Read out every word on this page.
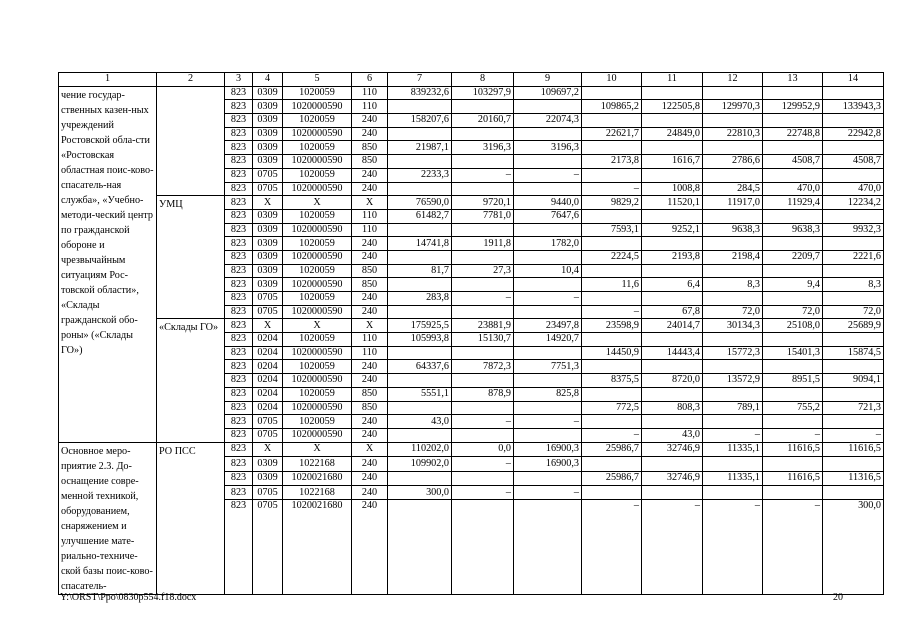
1	2	3	4	5	6	7	8	9	10	11	12	13	14
чение государ-ственных казен-ных учреждений Ростовской обла-сти «Ростовская областная поис-ково-спасатель-ная служба», «Учебно-методи-ческий центр по гражданской обороне и чрезвычайным ситуациям Рос-товской области», «Склады гражданской обо-роны» («Склады ГО»)		823	0309	1020059	110	839232,6	103297,9	109697,2					
		823	0309	1020000590	110				109865,2	122505,8	129970,3	129952,9	133943,3
		823	0309	1020059	240	158207,6	20160,7	22074,3					
		823	0309	1020000590	240				22621,7	24849,0	22810,3	22748,8	22942,8
		823	0309	1020059	850	21987,1	3196,3	3196,3					
		823	0309	1020000590	850				2173,8	1616,7	2786,6	4508,7	4508,7
		823	0705	1020059	240	2233,3	–	–					
		823	0705	1020000590	240				–	1008,8	284,5	470,0	470,0
	УМЦ	823	X	X	X	76590,0	9720,1	9440,0	9829,2	11520,1	11917,0	11929,4	12234,2
		823	0309	1020059	110	61482,7	7781,0	7647,6					
		823	0309	1020000590	110				7593,1	9252,1	9638,3	9638,3	9932,3
		823	0309	1020059	240	14741,8	1911,8	1782,0					
		823	0309	1020000590	240				2224,5	2193,8	2198,4	2209,7	2221,6
		823	0309	1020059	850	81,7	27,3	10,4					
		823	0309	1020000590	850				11,6	6,4	8,3	9,4	8,3
		823	0705	1020059	240	283,8	–	–					
		823	0705	1020000590	240				–	67,8	72,0	72,0	72,0
	«Склады ГО»	823	X	X	X	175925,5	23881,9	23497,8	23598,9	24014,7	30134,3	25108,0	25689,9
		823	0204	1020059	110	105993,8	15130,7	14920,7					
		823	0204	1020000590	110				14450,9	14443,4	15772,3	15401,3	15874,5
		823	0204	1020059	240	64337,6	7872,3	7751,3					
		823	0204	1020000590	240				8375,5	8720,0	13572,9	8951,5	9094,1
		823	0204	1020059	850	5551,1	878,9	825,8					
		823	0204	1020000590	850				772,5	808,3	789,1	755,2	721,3
		823	0705	1020059	240	43,0	–	–					
		823	0705	1020000590	240				–	43,0	–	–	–
Основное меро-приятие 2.3. До-оснащение совре-менной техникой, оборудованием, снаряжением и улучшение мате-риально-техниче-ской базы поис-ково-спасатель-	РО ПСС	823	X	X	X	110202,0	0,0	16900,3	25986,7	32746,9	11335,1	11616,5	11616,5
		823	0309	1022168	240	109902,0	–	16900,3					
		823	0309	1020021680	240				25986,7	32746,9	11335,1	11616,5	11316,5
		823	0705	1022168	240	300,0	–	–					
		823	0705	1020021680	240				–	–	–	–	300,0
Y:\ORST\Ppo\0830p554.f18.docx	20
